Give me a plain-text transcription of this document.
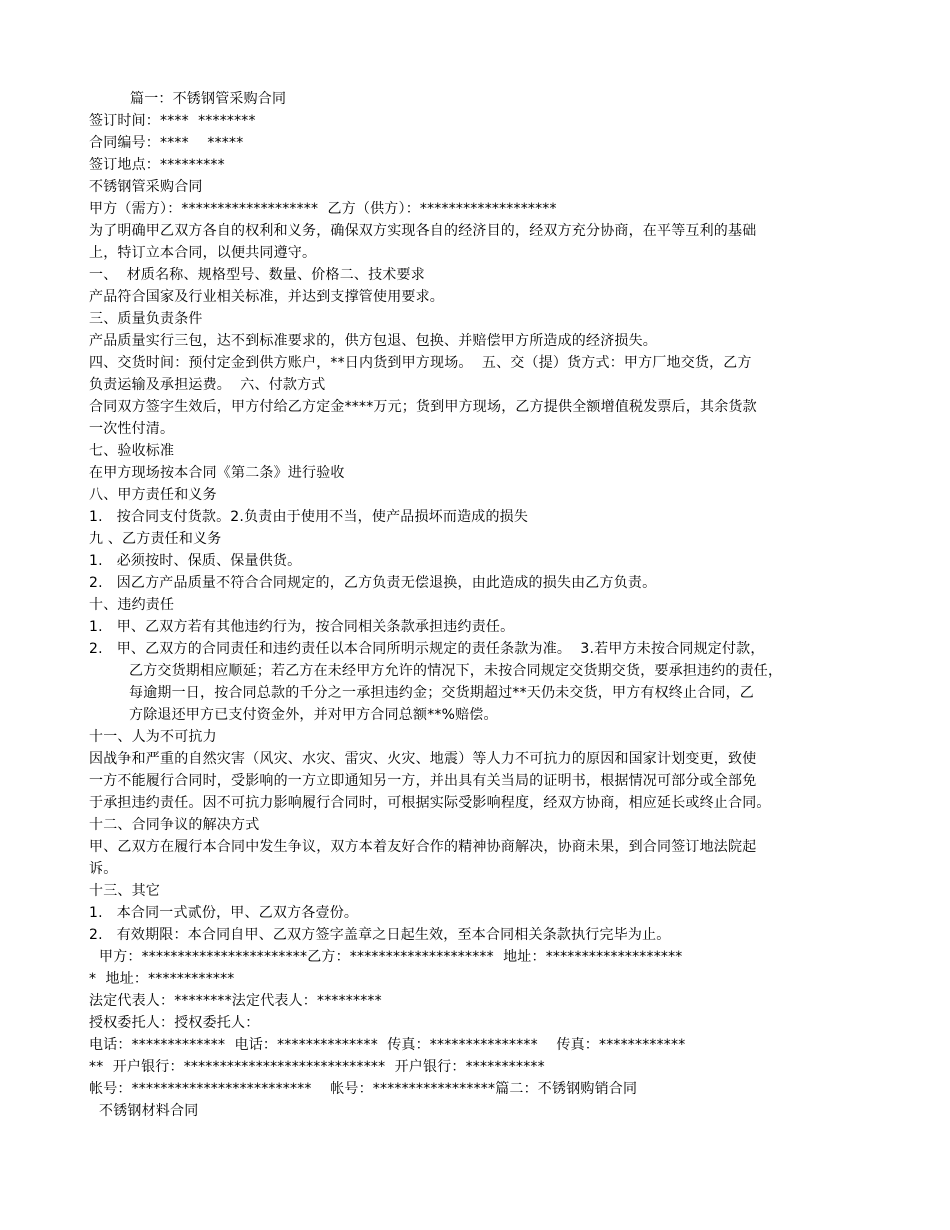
篇一：不锈钢管采购合同
签订时间：****  ********
合同编号：****    *****
签订地点：*********
不锈钢管采购合同
甲方（需方）：*******************  乙方（供方）：*******************
为了明确甲乙双方各自的权利和义务，确保双方实现各自的经济目的，经双方充分协商，在平等互利的基础
上，特订立本合同，以便共同遵守。
一、  材质名称、规格型号、数量、价格二、技术要求
产品符合国家及行业相关标准，并达到支撑管使用要求。
三、质量负责条件
产品质量实行三包，达不到标准要求的，供方包退、包换、并赔偿甲方所造成的经济损失。
四、交货时间：预付定金到供方账户，**日内货到甲方现场。  五、交（提）货方式：甲方厂地交货，乙方
负责运输及承担运费。  六、付款方式
合同双方签字生效后，甲方付给乙方定金****万元；货到甲方现场，乙方提供全额增值税发票后，其余货款
一次性付清。
七、验收标准
在甲方现场按本合同《第二条》进行验收
八、甲方责任和义务
1.   按合同支付货款。2.负责由于使用不当，使产品损坏而造成的损失
九 、乙方责任和义务
1.   必须按时、保质、保量供货。
2.   因乙方产品质量不符合合同规定的，乙方负责无偿退换，由此造成的损失由乙方负责。
十、违约责任
1.   甲、乙双方若有其他违约行为，按合同相关条款承担违约责任。
2.   甲、乙双方的合同责任和违约责任以本合同所明示规定的责任条款为准。  3.若甲方未按合同规定付款，
乙方交货期相应顺延；若乙方在未经甲方允许的情况下，未按合同规定交货期交货，要承担违约的责任，
每逾期一日，按合同总款的千分之一承担违约金；交货期超过**天仍未交货，甲方有权终止合同，乙
方除退还甲方已支付资金外，并对甲方合同总额**%赔偿。
十一、人为不可抗力
因战争和严重的自然灾害（风灾、水灾、雷灾、火灾、地震）等人力不可抗力的原因和国家计划变更，致使
一方不能履行合同时，受影响的一方立即通知另一方，并出具有关当局的证明书，根据情况可部分或全部免
于承担违约责任。因不可抗力影响履行合同时，可根据实际受影响程度，经双方协商，相应延长或终止合同。
十二、合同争议的解决方式
甲、乙双方在履行本合同中发生争议，双方本着友好合作的精神协商解决，协商未果，到合同签订地法院起
诉。
十三、其它
1.   本合同一式贰份，甲、乙双方各壹份。
2.   有效期限：本合同自甲、乙双方签字盖章之日起生效，至本合同相关条款执行完毕为止。
甲方：***********************乙方：********************  地址：*******************
*  地址：************
法定代表人：********法定代表人：*********
授权委托人：授权委托人：
电话：*************  电话：**************  传真：***************    传真：************
**  开户银行：****************************  开户银行：***********
帐号：*************************    帐号：*****************篇二：不锈钢购销合同
不锈钢材料合同
